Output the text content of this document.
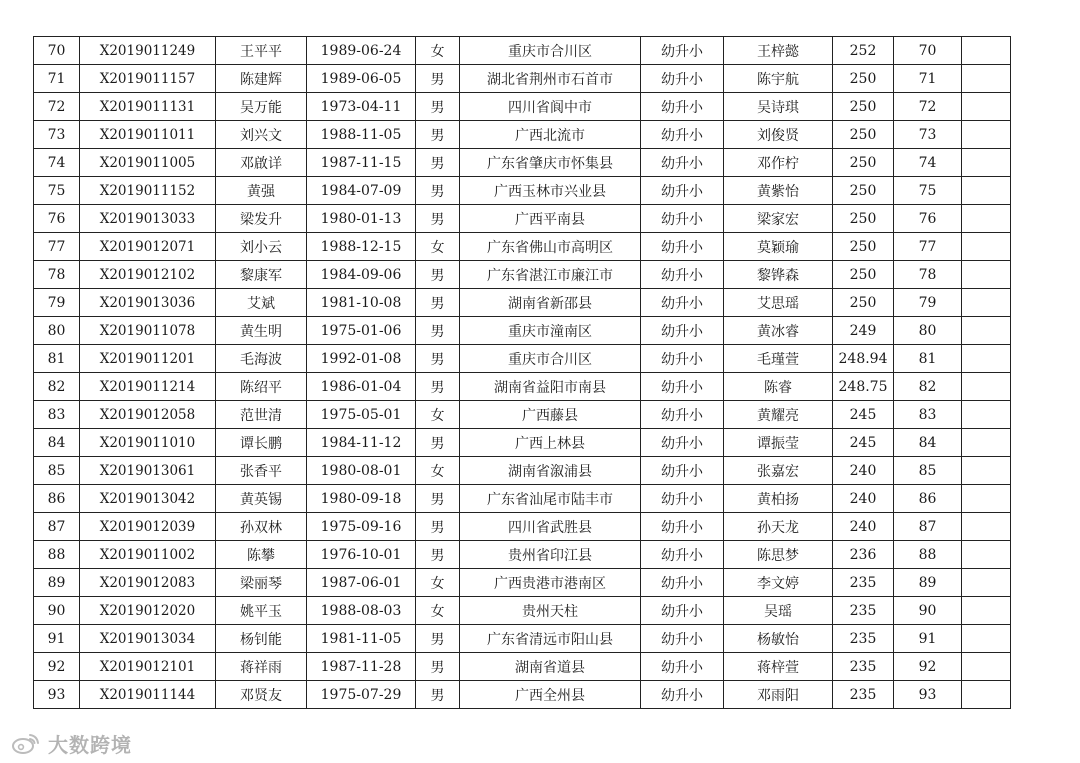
70	X2019011249	王平平	1989-06-24	女	重庆市合川区	幼升小	王梓懿	252	70	
71	X2019011157	陈建辉	1989-06-05	男	湖北省荆州市石首市	幼升小	陈宇航	250	71	
72	X2019011131	吴万能	1973-04-11	男	四川省阆中市	幼升小	吴诗琪	250	72	
73	X2019011011	刘兴文	1988-11-05	男	广西北流市	幼升小	刘俊贤	250	73	
74	X2019011005	邓啟详	1987-11-15	男	广东省肇庆市怀集县	幼升小	邓作柠	250	74	
75	X2019011152	黄强	1984-07-09	男	广西玉林市兴业县	幼升小	黄紫怡	250	75	
76	X2019013033	梁发升	1980-01-13	男	广西平南县	幼升小	梁家宏	250	76	
77	X2019012071	刘小云	1988-12-15	女	广东省佛山市高明区	幼升小	莫颖瑜	250	77	
78	X2019012102	黎康军	1984-09-06	男	广东省湛江市廉江市	幼升小	黎铧森	250	78	
79	X2019013036	艾斌	1981-10-08	男	湖南省新邵县	幼升小	艾思瑶	250	79	
80	X2019011078	黄生明	1975-01-06	男	重庆市潼南区	幼升小	黄冰睿	249	80	
81	X2019011201	毛海波	1992-01-08	男	重庆市合川区	幼升小	毛瑾萱	248.94	81	
82	X2019011214	陈绍平	1986-01-04	男	湖南省益阳市南县	幼升小	陈睿	248.75	82	
83	X2019012058	范世清	1975-05-01	女	广西藤县	幼升小	黄耀亮	245	83	
84	X2019011010	谭长鹏	1984-11-12	男	广西上林县	幼升小	谭振莹	245	84	
85	X2019013061	张香平	1980-08-01	女	湖南省溆浦县	幼升小	张嘉宏	240	85	
86	X2019013042	黄英锡	1980-09-18	男	广东省汕尾市陆丰市	幼升小	黄柏扬	240	86	
87	X2019012039	孙双林	1975-09-16	男	四川省武胜县	幼升小	孙天龙	240	87	
88	X2019011002	陈攀	1976-10-01	男	贵州省印江县	幼升小	陈思梦	236	88	
89	X2019012083	梁丽琴	1987-06-01	女	广西贵港市港南区	幼升小	李文婷	235	89	
90	X2019012020	姚平玉	1988-08-03	女	贵州天柱	幼升小	吴瑶	235	90	
91	X2019013034	杨钊能	1981-11-05	男	广东省清远市阳山县	幼升小	杨敏怡	235	91	
92	X2019012101	蒋祥雨	1987-11-28	男	湖南省道县	幼升小	蒋梓萱	235	92	
93	X2019011144	邓贤友	1975-07-29	男	广西全州县	幼升小	邓雨阳	235	93	
大数跨境
